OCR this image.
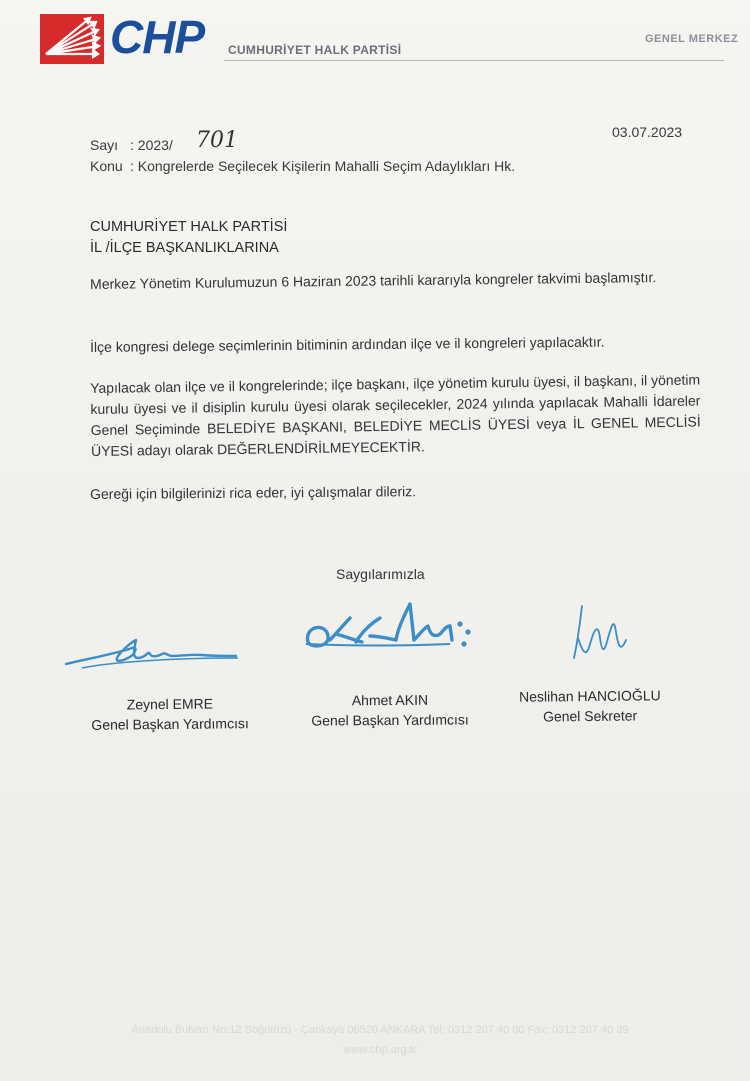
CHP CUMHURİYET HALK PARTİSİ
GENEL MERKEZ
Sayı : 2023/ 701
Konu : Kongrelerde Seçilecek Kişilerin Mahalli Seçim Adaylıkları Hk.
03.07.2023
CUMHURİYET HALK PARTİSİ
İL /İLÇE BAŞKANLIKLARINA
Merkez Yönetim Kurulumuzun 6 Haziran 2023 tarihli kararıyla kongreler takvimi başlamıştır.
İlçe kongresi delege seçimlerinin bitiminin ardından ilçe ve il kongreleri yapılacaktır.
Yapılacak olan ilçe ve il kongrelerinde; ilçe başkanı, ilçe yönetim kurulu üyesi, il başkanı, il yönetim kurulu üyesi ve il disiplin kurulu üyesi olarak seçilecekler, 2024 yılında yapılacak Mahalli İdareler Genel Seçiminde BELEDİYE BAŞKANI, BELEDİYE MECLİS ÜYESİ veya İL GENEL MECLİSİ ÜYESİ adayı olarak DEĞERLENDİRİLMEYECEKTİR.
Gereği için bilgilerinizi rica eder, iyi çalışmalar dileriz.
Saygılarımızla
Zeynel EMRE
Genel Başkan Yardımcısı
Ahmet AKIN
Genel Başkan Yardımcısı
Neslihan HANCIOĞLU
Genel Sekreter
Anadolu Bulvarı No:12 Söğütözü - Çankaya 06520 ANKARA Tel: 0312 207 40 00 Fax: 0312 207 40 39
www.chp.org.tr
